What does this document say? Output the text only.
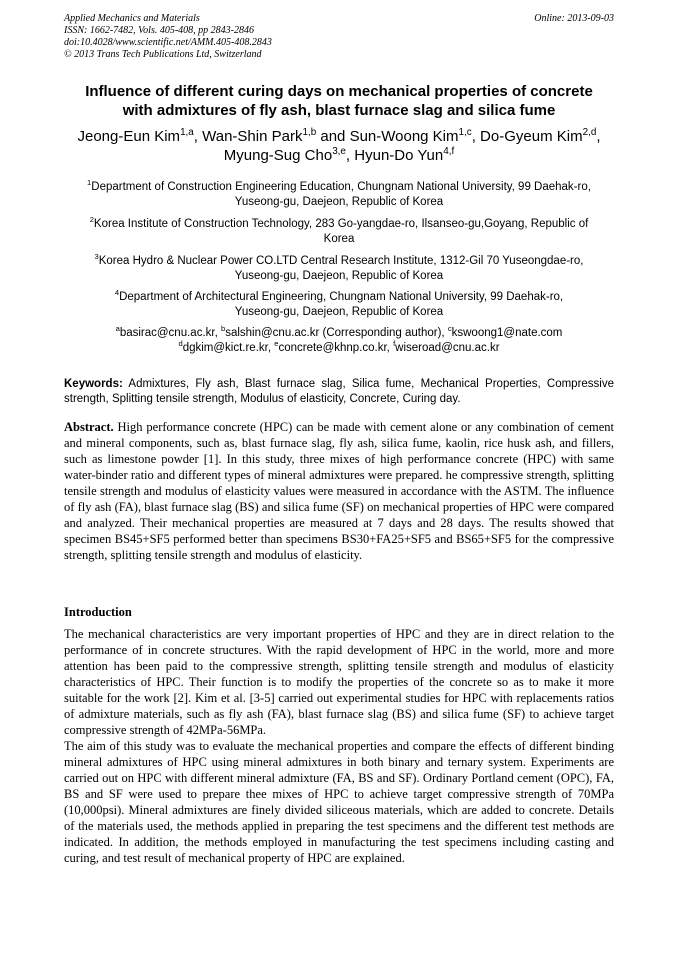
Applied Mechanics and Materials
ISSN: 1662-7482, Vols. 405-408, pp 2843-2846
doi:10.4028/www.scientific.net/AMM.405-408.2843
© 2013 Trans Tech Publications Ltd, Switzerland
Online: 2013-09-03
Influence of different curing days on mechanical properties of concrete
with admixtures of fly ash, blast furnace slag and silica fume
Jeong-Eun Kim$^{1,a}$, Wan-Shin Park$^{1,b}$ and Sun-Woong Kim$^{1,c}$, Do-Gyeum Kim$^{2,d}$,
Myung-Sug Cho$^{3,e}$, Hyun-Do Yun$^{4,f}$
$^1$Department of Construction Engineering Education, Chungnam National University, 99 Daehak-ro,
Yuseong-gu, Daejeon, Republic of Korea
$^2$Korea Institute of Construction Technology, 283 Go-yangdae-ro, Ilsanseo-gu,Goyang, Republic of
Korea
$^3$Korea Hydro & Nuclear Power CO.LTD Central Research Institute, 1312-Gil 70 Yuseongdae-ro,
Yuseong-gu, Daejeon, Republic of Korea
$^4$Department of Architectural Engineering, Chungnam National University, 99 Daehak-ro,
Yuseong-gu, Daejeon, Republic of Korea
$^a$basirac@cnu.ac.kr, $^b$salshin@cnu.ac.kr (Corresponding author), $^c$kswoong1@nate.com
$^d$dgkim@kict.re.kr, $^e$concrete@khnp.co.kr, $^f$wiseroad@cnu.ac.kr
Keywords: Admixtures, Fly ash, Blast furnace slag, Silica fume, Mechanical Properties, Compressive strength, Splitting tensile strength, Modulus of elasticity, Concrete, Curing day.
Abstract. High performance concrete (HPC) can be made with cement alone or any combination of cement and mineral components, such as, blast furnace slag, fly ash, silica fume, kaolin, rice husk ash, and fillers, such as limestone powder [1]. In this study, three mixes of high performance concrete (HPC) with same water-binder ratio and different types of mineral admixtures were prepared. he compressive strength, splitting tensile strength and modulus of elasticity values were measured in accordance with the ASTM. The influence of fly ash (FA), blast furnace slag (BS) and silica fume (SF) on mechanical properties of HPC were compared and analyzed. Their mechanical properties are measured at 7 days and 28 days. The results showed that specimen BS45+SF5 performed better than specimens BS30+FA25+SF5 and BS65+SF5 for the compressive strength, splitting tensile strength and modulus of elasticity.
Introduction

The mechanical characteristics are very important properties of HPC and they are in direct relation to the performance of in concrete structures. With the rapid development of HPC in the world, more and more attention has been paid to the compressive strength, splitting tensile strength and modulus of elasticity characteristics of HPC. Their function is to modify the properties of the concrete so as to make it more suitable for the work [2]. Kim et al. [3-5] carried out experimental studies for HPC with replacements ratios of admixture materials, such as fly ash (FA), blast furnace slag (BS) and silica fume (SF) to achieve target compressive strength of 42MPa-56MPa.

The aim of this study was to evaluate the mechanical properties and compare the effects of different binding mineral admixtures of HPC using mineral admixtures in both binary and ternary system. Experiments are carried out on HPC with different mineral admixture (FA, BS and SF). Ordinary Portland cement (OPC), FA, BS and SF were used to prepare thee mixes of HPC to achieve target compressive strength of 70MPa (10,000psi). Mineral admixtures are finely divided siliceous materials, which are added to concrete. Details of the materials used, the methods applied in preparing the test specimens and the different test methods are indicated. In addition, the methods employed in manufacturing the test specimens including casting and curing, and test result of mechanical property of HPC are explained.
